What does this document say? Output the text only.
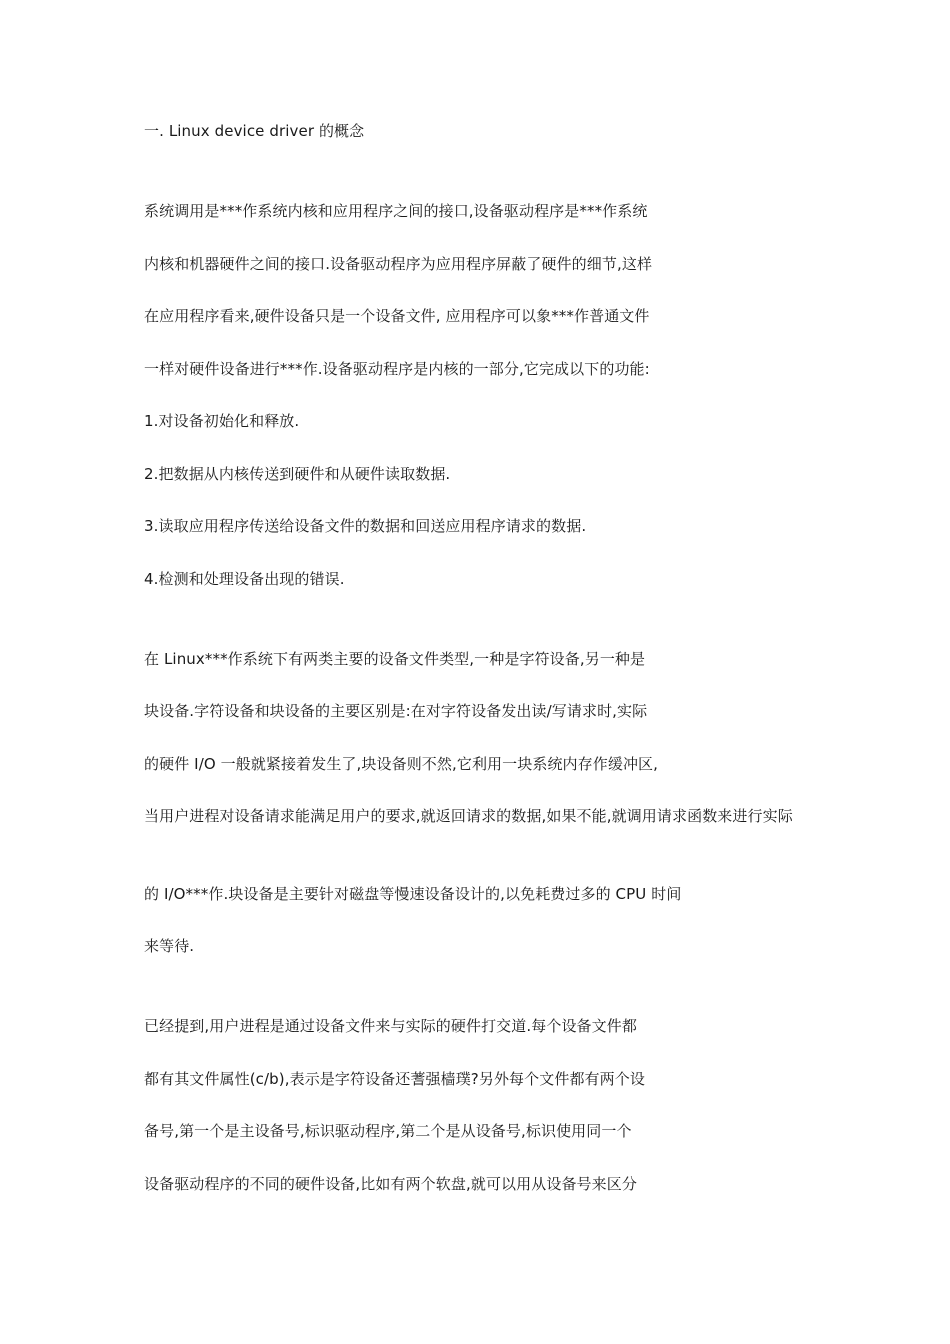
一. Linux device driver 的概念
系统调用是***作系统内核和应用程序之间的接口,设备驱动程序是***作系统
内核和机器硬件之间的接口.设备驱动程序为应用程序屏蔽了硬件的细节,这样
在应用程序看来,硬件设备只是一个设备文件, 应用程序可以象***作普通文件
一样对硬件设备进行***作.设备驱动程序是内核的一部分,它完成以下的功能:
1.对设备初始化和释放.
2.把数据从内核传送到硬件和从硬件读取数据.
3.读取应用程序传送给设备文件的数据和回送应用程序请求的数据.
4.检测和处理设备出现的错误.
在 Linux***作系统下有两类主要的设备文件类型,一种是字符设备,另一种是
块设备.字符设备和块设备的主要区别是:在对字符设备发出读/写请求时,实际
的硬件 I/O 一般就紧接着发生了,块设备则不然,它利用一块系统内存作缓冲区,
当用户进程对设备请求能满足用户的要求,就返回请求的数据,如果不能,就调用请求函数来进行实际
的 I/O***作.块设备是主要针对磁盘等慢速设备设计的,以免耗费过多的 CPU 时间
来等待.
已经提到,用户进程是通过设备文件来与实际的硬件打交道.每个设备文件都
都有其文件属性(c/b),表示是字符设备还蓍强樯璞?另外每个文件都有两个设
备号,第一个是主设备号,标识驱动程序,第二个是从设备号,标识使用同一个
设备驱动程序的不同的硬件设备,比如有两个软盘,就可以用从设备号来区分
